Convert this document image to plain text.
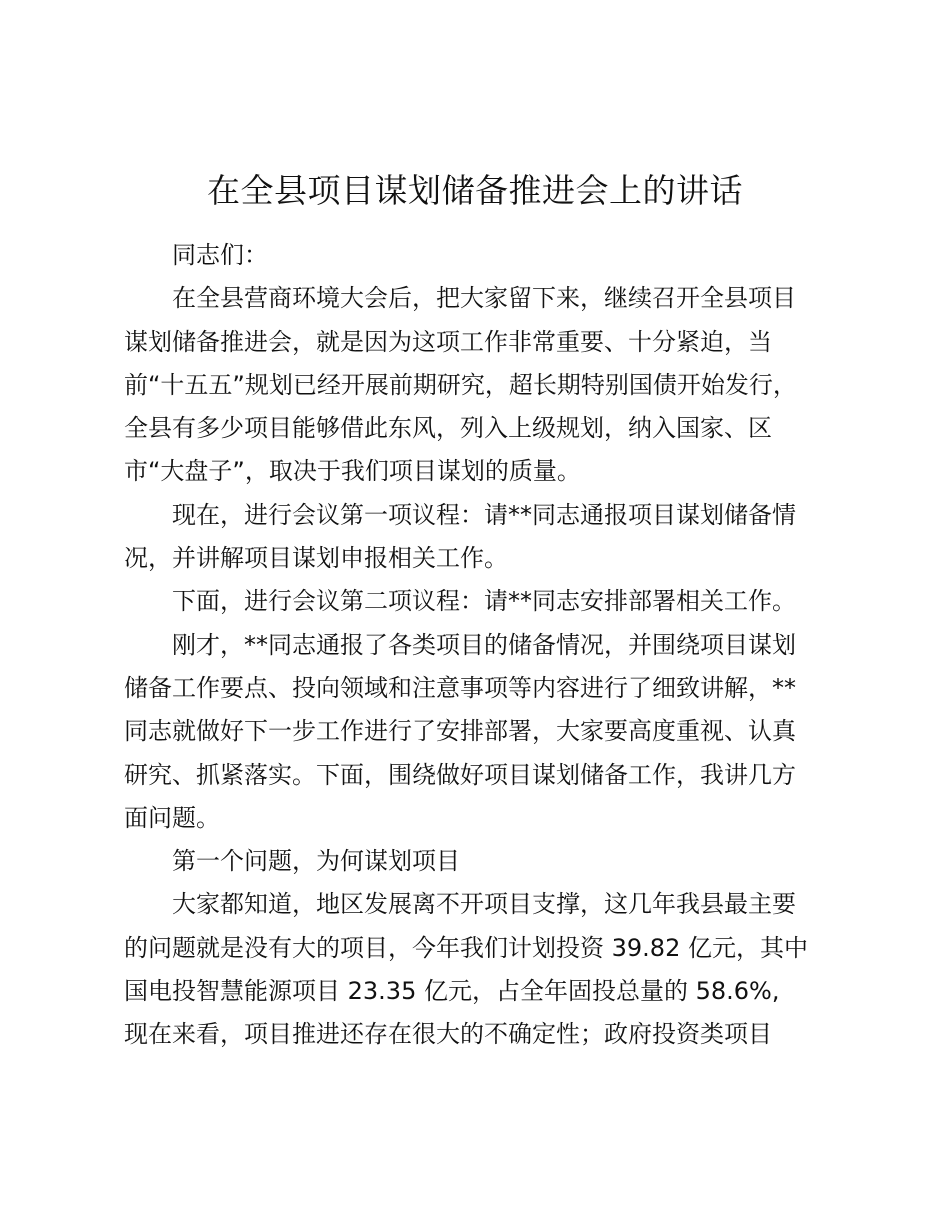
在全县项目谋划储备推进会上的讲话
同志们：
在全县营商环境大会后，把大家留下来，继续召开全县项目
谋划储备推进会，就是因为这项工作非常重要、十分紧迫，当
前“十五五”规划已经开展前期研究，超长期特别国债开始发行，
全县有多少项目能够借此东风，列入上级规划，纳入国家、区
市“大盘子”，取决于我们项目谋划的质量。
现在，进行会议第一项议程：请**同志通报项目谋划储备情
况，并讲解项目谋划申报相关工作。
下面，进行会议第二项议程：请**同志安排部署相关工作。
刚才，**同志通报了各类项目的储备情况，并围绕项目谋划
储备工作要点、投向领域和注意事项等内容进行了细致讲解，**
同志就做好下一步工作进行了安排部署，大家要高度重视、认真
研究、抓紧落实。下面，围绕做好项目谋划储备工作，我讲几方
面问题。
第一个问题，为何谋划项目
大家都知道，地区发展离不开项目支撑，这几年我县最主要
的问题就是没有大的项目，今年我们计划投资 39.82 亿元，其中
国电投智慧能源项目 23.35 亿元，占全年固投总量的 58.6%,
现在来看，项目推进还存在很大的不确定性；政府投资类项目
